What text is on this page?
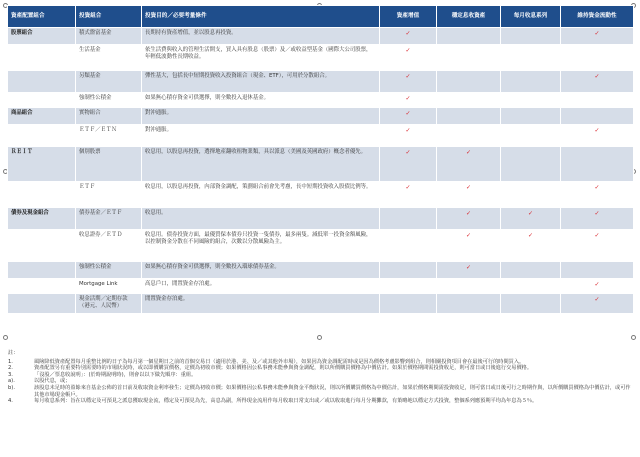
資產配置組合	投資組合	投資目的／必要考量條件	資產增值	穩定息收資產	每月收息系列	維持資金流動性
股票組合	積式盤富基金	長期持有資產增值，並以股息再投資。	✓			✓
	生活基金	依生活費與收入的管理生活開支，買入具有股息（股票）及／或收益型基金（國際大公司股票，年輕低波動性長期收益。	✓			
	另類基金	彈性基大，包括長中短期投資收入投資組合（現金、ETF），可用於分散組合。	✓			✓
	強制性公積金	如果無心積存資金可供選擇，則全數投入退休基金。	✓			
商品組合	實物組合	對沖通脹。	✓			
	ＥＴＦ／ＥＴＮ	對沖通脹。	✓			✓
ＲＥＩＴ	個別股票	收息用，以股息再投資，選擇地產翻收租物業類，具以派息（美國及英國政府）概念者優先。	✓	✓		
	ＥＴＦ	收息用，以股息再投資，內部資金調配，策劃組合前會先考慮，長中短期投資收入股債比例等。	✓	✓		✓
債券及現金組合	債券基金／ＥＴＦ	收息用。		✓	✓	✓
	收息證券／ＥＴＤ	收息用。債券投資方面，最優質保本債券只投資一隻債券，最多兩隻。減低單一投資金額風險，以控制資金分散在不同風險的組合，次數以分散風險為主。		✓	✓	✓
	強制性公積金	如果無心積存資金可供選擇，則全數投入環球債券基金。		✓		
	Mortgage Link	高息戶口，閒置資金存泊處。				✓
	現金活期／定期存款（港元、人民幣）	閒置資金存泊處。				✓
註：
1.	風險降低資產配置每月重整比例的日子為每月第一個星期日之前的首個交易日（適用於港、美、及／或其他外市場），如果因為資金調配需時或是因為價格考慮影響到組合，則相關投資項目會在最後可行的時間買入。
2.	資產配置另有重要特別需要時的市場狀況時，或以即價購買價格，定價為初收市價；如果價格因公私事務未能參與資金調配，則以所價購買價格為中價估計。如果於價格期間需投資收足，則可當日或日後進行交易價格。
3.	「沒股／票息收說明」：(於時期說明時)，則會以以下做先順序：重組。
a).	以股代息，或；
b).	該股息未足時的盈餘來自基金公佈的首日前及收取資金利率發生；定價為初收市價；如果價格因公私事務未能參與資金平衡狀況，則以所價購買價格為中價估計，如果於價格期間需投資收足，則可當日或日後可行之時期作與，以所價購買價格為中價估計，或可作其他市場現金帳戶。
4.	每月收息系列：旨在以穩定及可預見之派息獲取現金流，穩定及可預見為先，高息為副，所得現金流用作每月收取日常支出或／或以收取進行每月分期攤款，有策略地以穩定方式投資，整個系列應預期平均為年息為５％。
